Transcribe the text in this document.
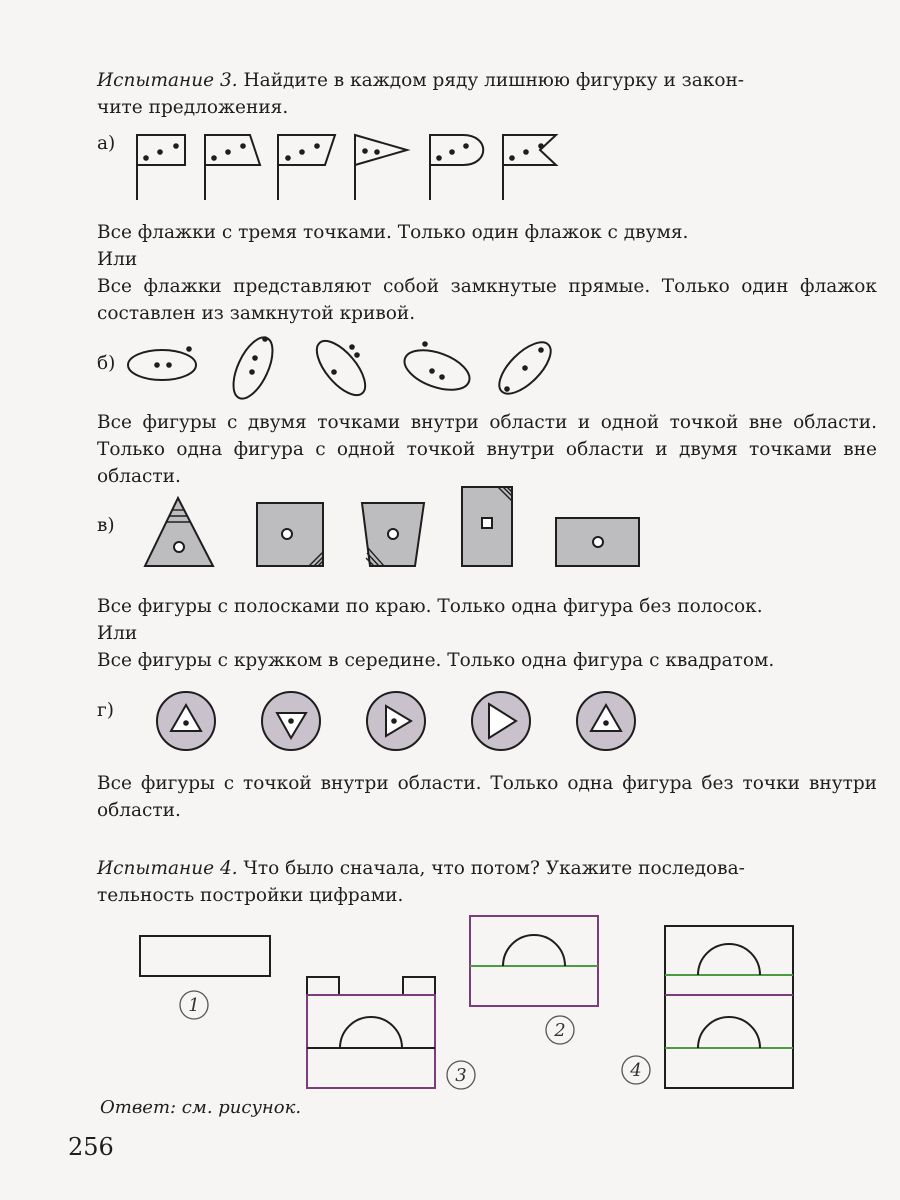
Испытание 3. Найдите в каждом ряду лишнюю фигурку и закон-
чите предложения.

а)

Все флажки с тремя точками. Только один флажок с двумя.

Или

Все флажки представляют собой замкнутые прямые. Только один флажок составлен из замкнутой кривой.

б)

Все фигуры с двумя точками внутри области и одной точкой вне области. Только одна фигура с одной точкой внутри области и двумя точками вне области.

в)

Все фигуры с полосками по краю. Только одна фигура без полосок.

Или

Все фигуры с кружком в середине. Только одна фигура с квадратом.

г)

Все фигуры с точкой внутри области. Только одна фигура без точки внутри области.

Испытание 4. Что было сначала, что потом? Укажите последова-
тельность постройки цифрами.

1
2
3	4
Ответ: см. рисунок.
256
